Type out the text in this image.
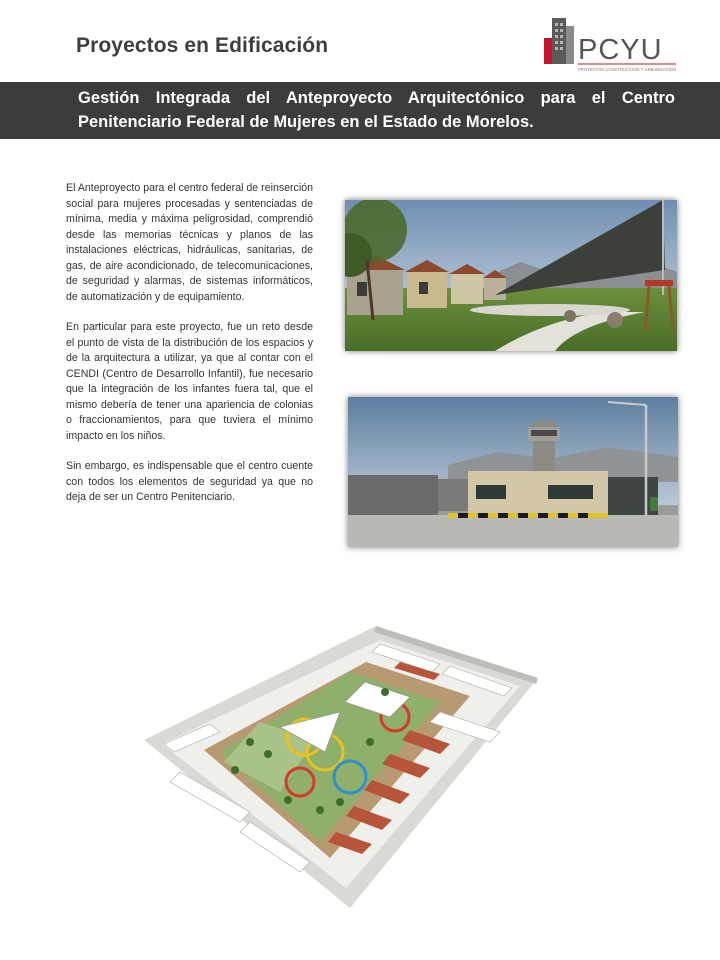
Proyectos en Edificación	PCYU
PROYECTOS CONSTRUCCION Y URBANIZACION
Gestión Integrada del Anteproyecto Arquitectónico para el Centro Penitenciario Federal de Mujeres en el Estado de Morelos.

El Anteproyecto para el centro federal de reinserción social para mujeres procesadas y sentenciadas de mínima, media y máxima peligrosidad, comprendió desde las memorias técnicas y planos de las instalaciones eléctricas, hidráulicas, sanitarias, de gas, de aire acondicionado, de telecomunicaciones, de seguridad y alarmas, de sistemas informáticos, de automatización y de equipamiento.

En particular para este proyecto, fue un reto desde el punto de vista de la distribución de los espacios y de la arquitectura a utilizar, ya que al contar con el CENDI (Centro de Desarrollo Infantil), fue necesario que la integración de los infantes fuera tal, que el mismo debería de tener una apariencia de colonias o fraccionamientos, para que tuviera el mínimo impacto en los niños.

Sin embargo, es indispensable que el centro cuente con todos los elementos de seguridad ya que no deja de ser un Centro Penitenciario.
